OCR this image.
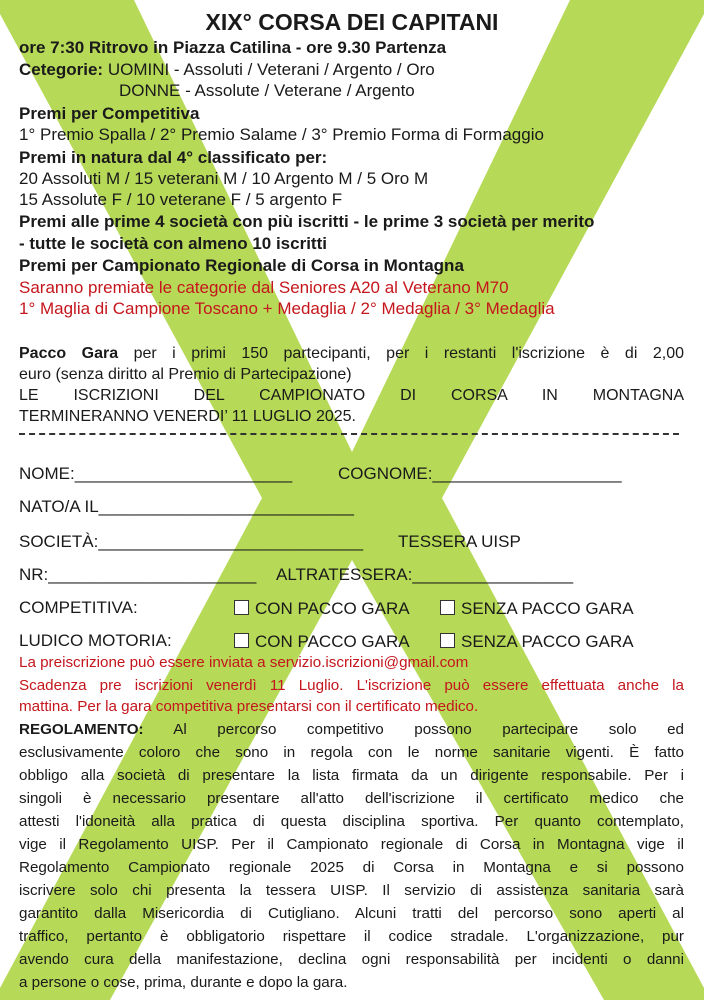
XIX° CORSA DEI CAPITANI
ore 7:30 Ritrovo in Piazza Catilina - ore 9.30 Partenza
Cetegorie: UOMINI - Assoluti / Veterani / Argento / Oro
DONNE - Assolute / Veterane / Argento
Premi per Competitiva
1° Premio Spalla / 2° Premio Salame / 3° Premio Forma di Formaggio
Premi in natura dal 4° classificato per:
20 Assoluti M / 15 veterani M / 10 Argento M / 5 Oro M
15 Assolute F / 10 veterane F / 5 argento F
Premi alle prime 4 società con più iscritti - le prime 3 società per merito
- tutte le società con almeno 10 iscritti
Premi per Campionato Regionale di Corsa in Montagna
Saranno premiate le categorie dal Seniores A20 al Veterano M70
1° Maglia di Campione Toscano + Medaglia / 2° Medaglia / 3° Medaglia
Pacco Gara per i primi 150 partecipanti, per i restanti l'iscrizione è di 2,00
euro (senza diritto al Premio di Partecipazione)
LE ISCRIZIONI DEL CAMPIONATO DI CORSA IN MONTAGNA
TERMINERANNO VENERDI’ 11 LUGLIO 2025.
NOME:_______________________	COGNOME:____________________
NATO/A IL___________________________
SOCIETÀ:____________________________ TESSERA UISP
NR:______________________ ALTRATESSERA:_________________
COMPETITIVA:	CON PACCO GARA	SENZA PACCO GARA
LUDICO MOTORIA:	CON PACCO GARA	SENZA PACCO GARA
La preiscrizione può essere inviata a servizio.iscrizioni@gmail.com
Scadenza pre iscrizioni venerdì 11 Luglio. L'iscrizione può essere effettuata anche la
mattina. Per la gara competitiva presentarsi con il certificato medico.
REGOLAMENTO: Al percorso competitivo possono partecipare solo ed
esclusivamente coloro che sono in regola con le norme sanitarie vigenti. È fatto
obbligo alla società di presentare la lista firmata da un dirigente responsabile. Per i
singoli è necessario presentare all'atto dell'iscrizione il certificato medico che
attesti l'idoneità alla pratica di questa disciplina sportiva. Per quanto contemplato,
vige il Regolamento UISP. Per il Campionato regionale di Corsa in Montagna vige il
Regolamento Campionato regionale 2025 di Corsa in Montagna e si possono
iscrivere solo chi presenta la tessera UISP. Il servizio di assistenza sanitaria sarà
garantito dalla Misericordia di Cutigliano. Alcuni tratti del percorso sono aperti al
traffico, pertanto è obbligatorio rispettare il codice stradale. L'organizzazione, pur
avendo cura della manifestazione, declina ogni responsabilità per incidenti o danni
a persone o cose, prima, durante e dopo la gara.
